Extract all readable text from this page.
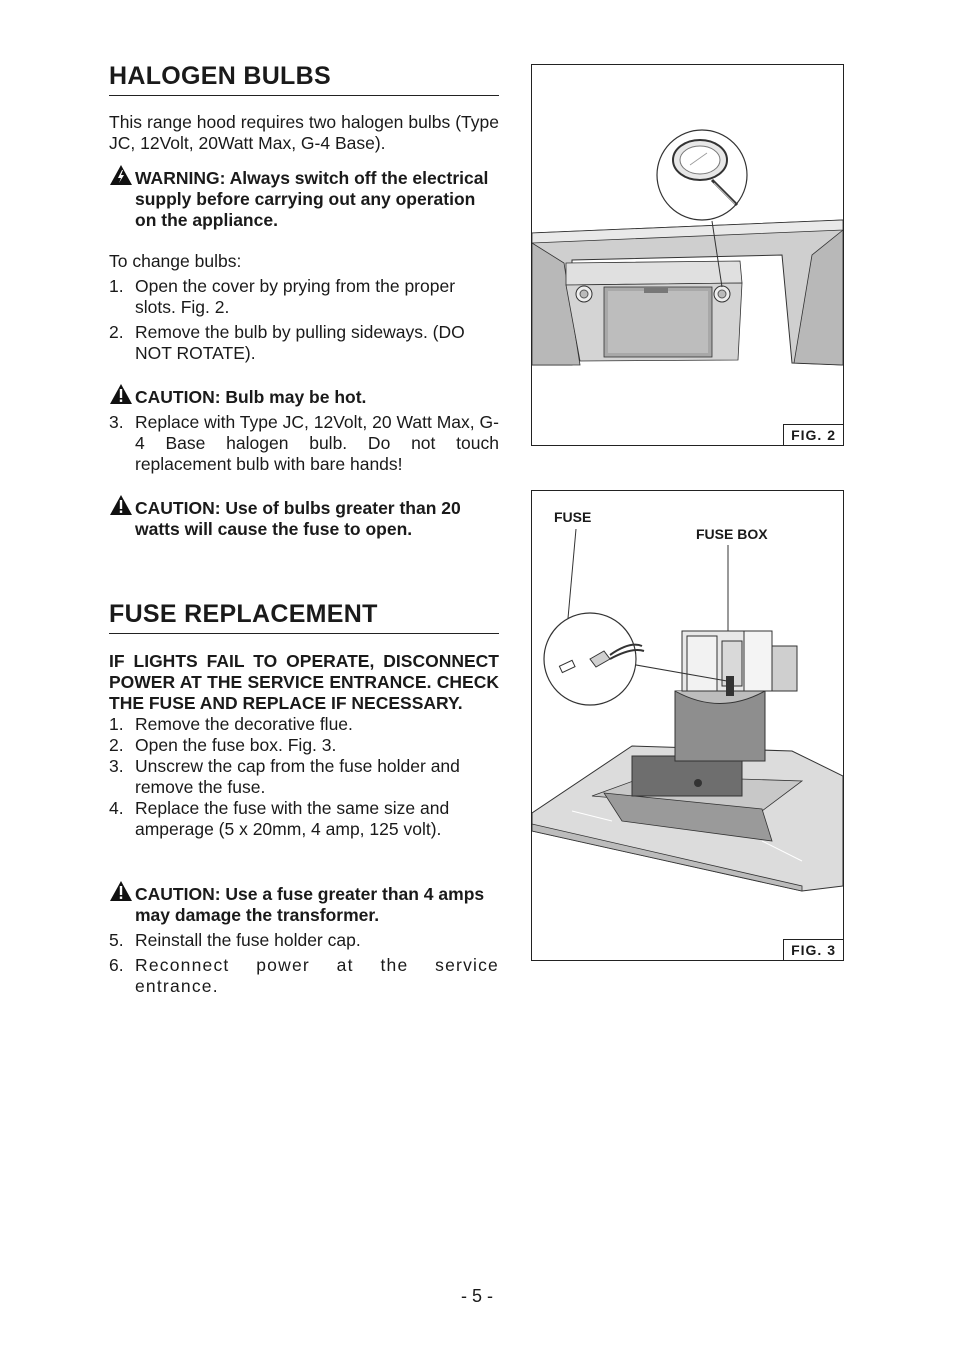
HALOGEN BULBS

This range hood requires two halogen bulbs (Type JC, 12Volt, 20Watt Max, G-4 Base).

WARNING: Always switch off the electrical supply before carrying out any operation on the appliance.

To change bulbs:

1. Open the cover by prying from the proper slots. Fig. 2.
2. Remove the bulb by pulling sideways. (DO NOT ROTATE).
CAUTION: Bulb may be hot.
3. Replace with Type JC, 12Volt, 20 Watt Max, G-4 Base halogen bulb. Do not touch replacement bulb with bare hands!
CAUTION: Use of bulbs greater than 20 watts will cause the fuse to open.
FUSE REPLACEMENT

IF LIGHTS FAIL TO OPERATE, DISCONNECT POWER AT THE SERVICE ENTRANCE. CHECK THE FUSE AND REPLACE IF NECESSARY.

1. Remove the decorative flue.
2. Open the fuse box. Fig. 3.
3. Unscrew the cap from the fuse holder and remove the fuse.
4. Replace the fuse with the same size and amperage (5 x 20mm, 4 amp, 125 volt).
CAUTION: Use a fuse greater than 4 amps may damage the transformer.
5. Reinstall the fuse holder cap.
6. Reconnect power at the service entrance.
FIG. 2
FUSE
FUSE BOX
FIG. 3
- 5 -
